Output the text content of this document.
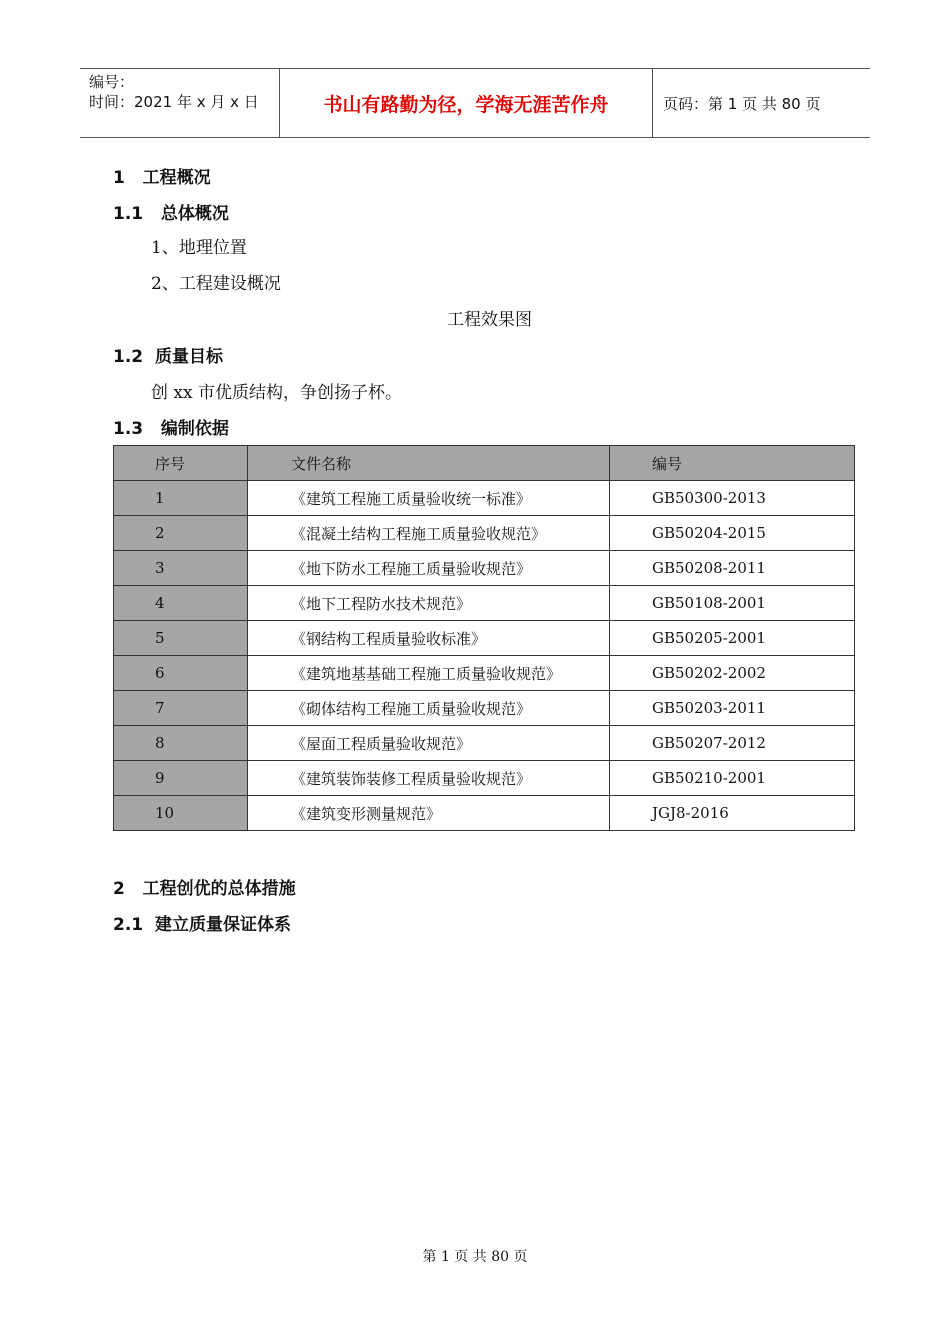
编号：
时间：2021 年 x 月 x 日	书山有路勤为径，学海无涯苦作舟	页码：第 1 页 共 80 页
1   工程概况
1.1   总体概况
1、地理位置
2、工程建设概况
工程效果图
1.2  质量目标
创 xx 市优质结构，争创扬子杯。
1.3   编制依据
序号	文件名称	编号
1	《建筑工程施工质量验收统一标准》	GB50300-2013
2	《混凝土结构工程施工质量验收规范》	GB50204-2015
3	《地下防水工程施工质量验收规范》	GB50208-2011
4	《地下工程防水技术规范》	GB50108-2001
5	《钢结构工程质量验收标准》	GB50205-2001
6	《建筑地基基础工程施工质量验收规范》	GB50202-2002
7	《砌体结构工程施工质量验收规范》	GB50203-2011
8	《屋面工程质量验收规范》	GB50207-2012
9	《建筑装饰装修工程质量验收规范》	GB50210-2001
10	《建筑变形测量规范》	JGJ8-2016
2   工程创优的总体措施
2.1  建立质量保证体系
第 1 页 共 80 页
